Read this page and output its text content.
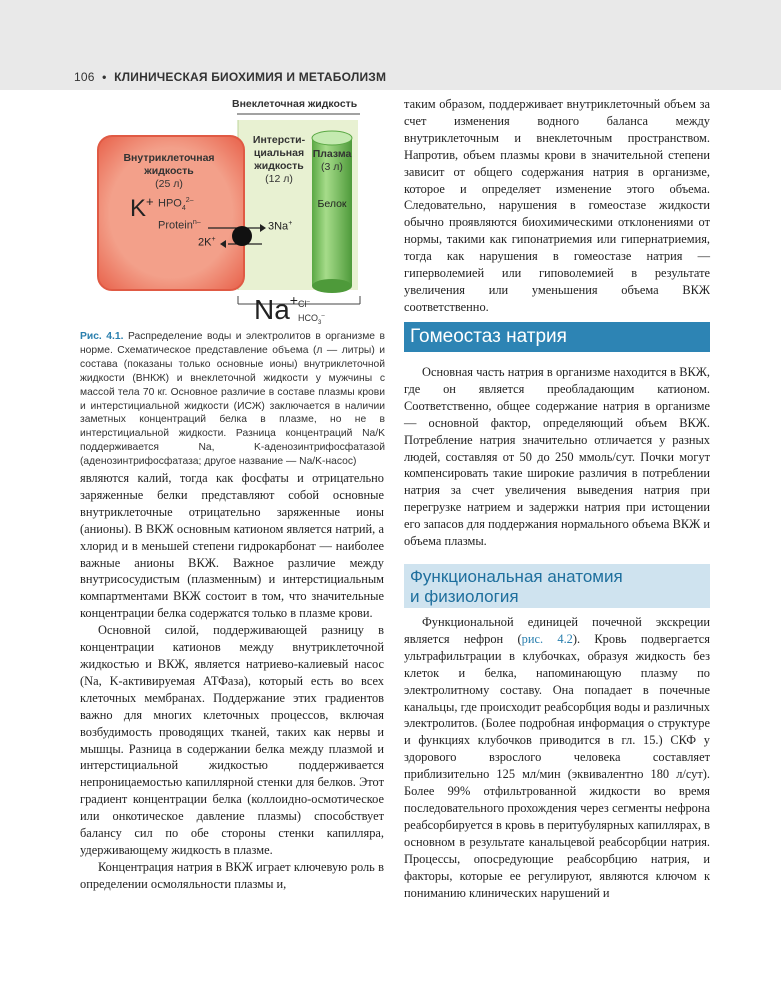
106 • КЛИНИЧЕСКАЯ БИОХИМИЯ И МЕТАБОЛИЗМ
Внеклеточная жидкость
Внутриклеточная
жидкость
(25 л)
K+ $HPO_4^{2-}$
Protein$^{n-}$	3Na+
2K+
Интерсти-
циальная
жидкость
(12 л)
Плазма
(3 л)
Белок
Na+ Cl–
$HCO_3^-$
Рис. 4.1. Распределение воды и электролитов в организме в норме. Схематическое представление объема (л — литры) и состава (показаны только основные ионы) внутриклеточной жидкости (ВНКЖ) и внеклеточной жидкости у мужчины с массой тела 70 кг. Основное различие в составе плазмы крови и интерстициальной жидкости (ИСЖ) заключается в наличии заметных концентраций белка в плазме, но не в интерстициальной жидкости. Разница концентраций Na/K поддерживается Na, K-аденозинтрифосфатазой (аденозинтрифосфатаза; другое название — Na/K-насос)

являются калий, тогда как фосфаты и отрицательно заряженные белки представляют собой основные внутриклеточные отрицательно заряженные ионы (анионы). В ВКЖ основным катионом является натрий, а хлорид и в меньшей степени гидрокарбонат — наиболее важные анионы ВКЖ. Важное различие между внутрисосудистым (плазменным) и интерстициальным компартментами ВКЖ состоит в том, что значительные концентрации белка содержатся только в плазме крови.

Основной силой, поддерживающей разницу в концентрации катионов между внутриклеточной жидкостью и ВКЖ, является натриево-калиевый насос (Na, K-активируемая АТФаза), который есть во всех клеточных мембранах. Поддержание этих градиентов важно для многих клеточных процессов, включая возбудимость проводящих тканей, таких как нервы и мышцы. Разница в содержании белка между плазмой и интерстициальной жидкостью поддерживается непроницаемостью капиллярной стенки для белков. Этот градиент концентрации белка (коллоидно-осмотическое или онкотическое давление плазмы) способствует балансу сил по обе стороны стенки капилляра, удерживающему жидкость в плазме.

Концентрация натрия в ВКЖ играет ключевую роль в определении осмоляльности плазмы и,

таким образом, поддерживает внутриклеточный объем за счет изменения водного баланса между внутриклеточным и внеклеточным пространством. Напротив, объем плазмы крови в значительной степени зависит от общего содержания натрия в организме, которое и определяет изменение этого объема. Следовательно, нарушения в гомеостазе жидкости обычно проявляются биохимическими отклонениями от нормы, такими как гипонатриемия или гипернатриемия, тогда как нарушения в гомеостазе натрия — гиперволемией или гиповолемией в результате увеличения или уменьшения объема ВКЖ соответственно.

Гомеостаз натрия

Основная часть натрия в организме находится в ВКЖ, где он является преобладающим катионом. Соответственно, общее содержание натрия в организме — основной фактор, определяющий объем ВКЖ. Потребление натрия значительно отличается у разных людей, составляя от 50 до 250 ммоль/сут. Почки могут компенсировать такие широкие различия в потреблении натрия за счет увеличения выведения натрия при перегрузке натрием и задержки натрия при истощении его запасов для поддержания нормального объема ВКЖ и объема плазмы.

Функциональная анатомия
и физиология

Функциональной единицей почечной экскреции является нефрон (рис. 4.2). Кровь подвергается ультрафильтрации в клубочках, образуя жидкость без клеток и белка, напоминающую плазму по электролитному составу. Она попадает в почечные канальцы, где происходит реабсорбция воды и различных электролитов. (Более подробная информация о структуре и функциях клубочков приводится в гл. 15.) СКФ у здорового взрослого человека составляет приблизительно 125 мл/мин (эквивалентно 180 л/сут). Более 99% отфильтрованной жидкости во время последовательного прохождения через сегменты нефрона реабсорбируется в кровь в перитубулярных капиллярах, в основном в результате канальцевой реабсорбции натрия. Процессы, опосредующие реабсорбцию натрия, и факторы, которые ее регулируют, являются ключом к пониманию клинических нарушений и
